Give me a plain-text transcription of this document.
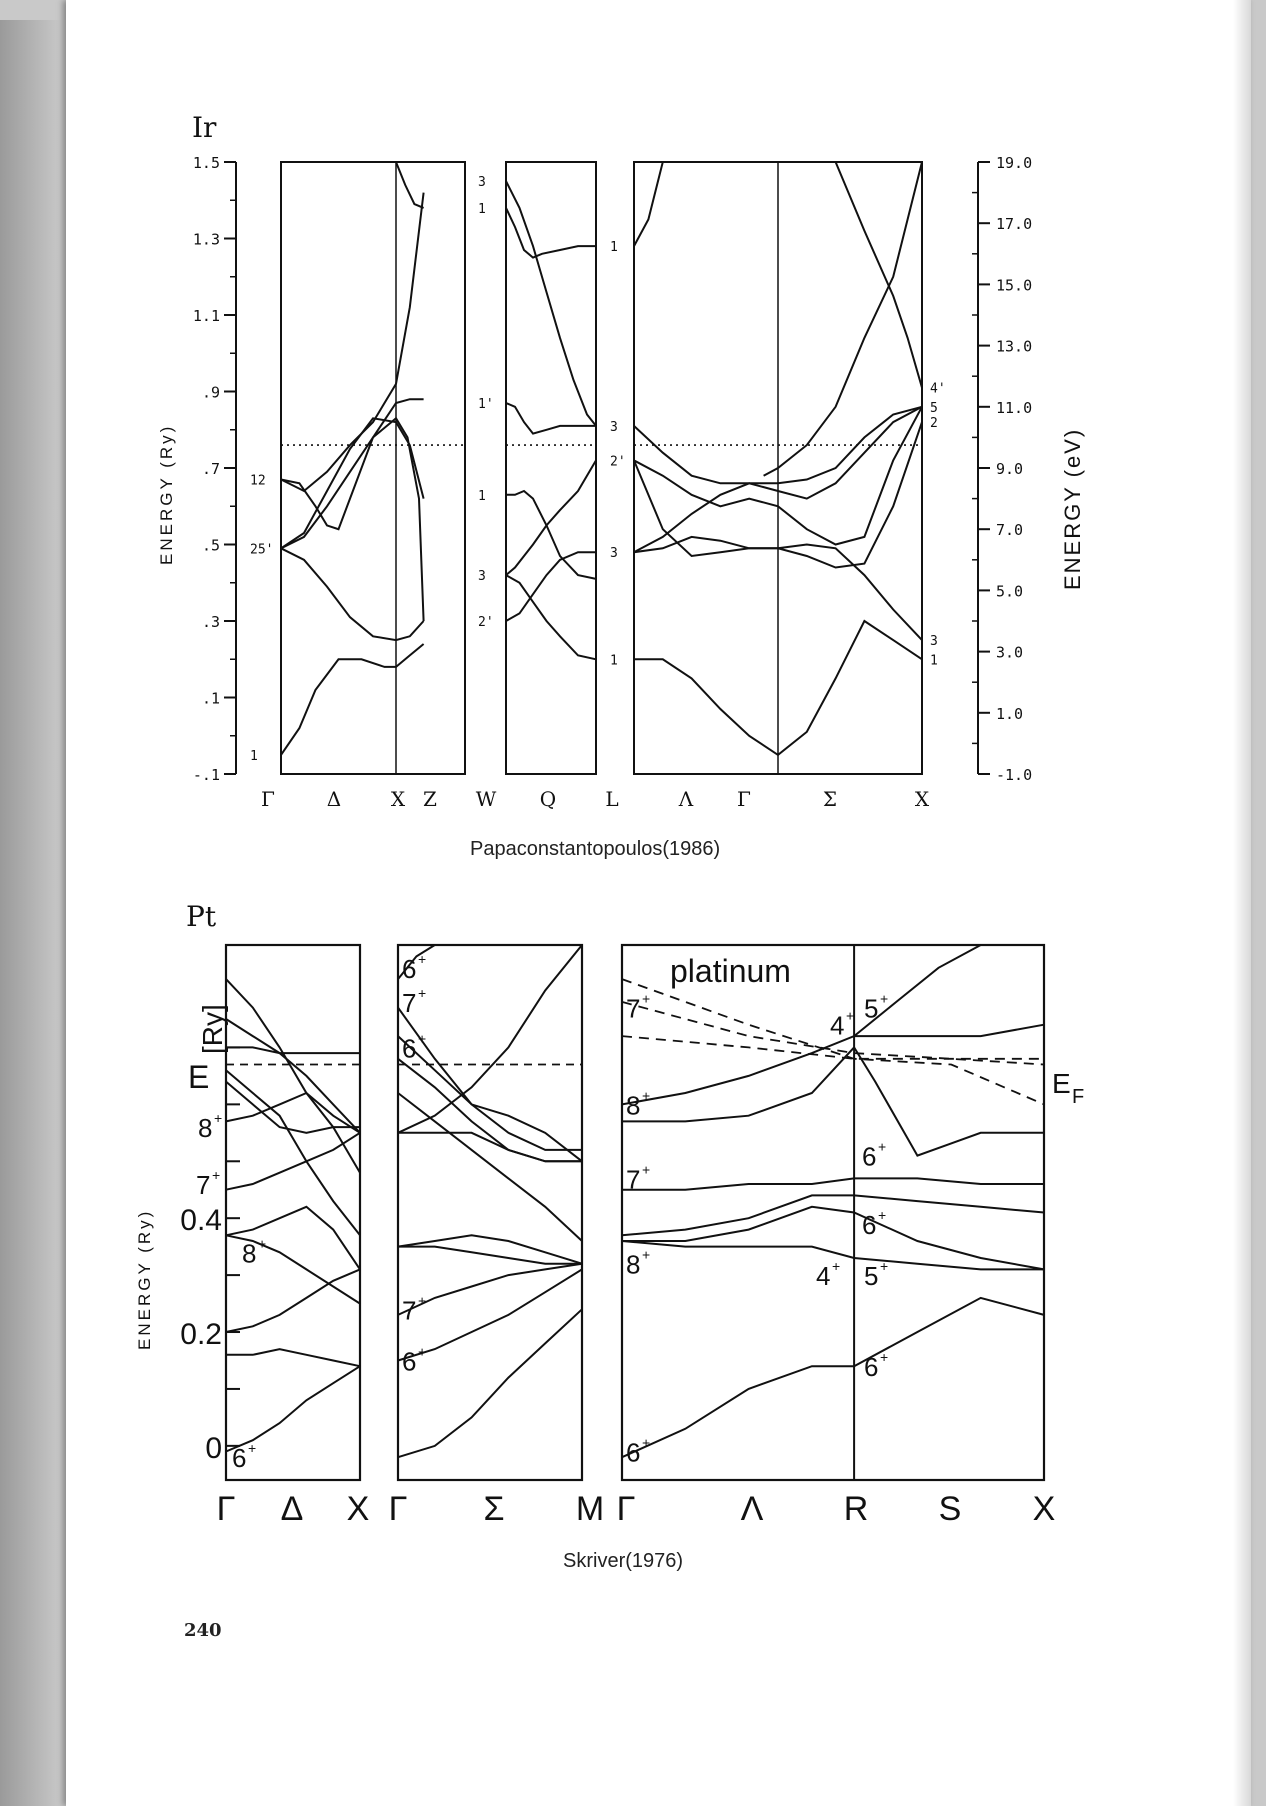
Ir
ENERGY (Ry)	ENERGY (eV)
1.5
1.3
1.1
.9
.7
.5
.3
.1
-.1
19.0
17.0
15.0
13.0
11.0
9.0
7.0
5.0
3.0
1.0
-1.0
1
25'
12
3
1
1'
1
3
2'
1
3
2'
3
1
4'
5
2
3
1
Γ	Δ X Z W Q L	Λ Γ	Σ	X
Papaconstantopoulos(1986)
Pt
ENERGY (Ry)
E
[Ry]
platinum
E F
0.4
0.2
0 6 +
8 +
7 +
8 +
6 +
7 +
6 +
7 +
6 +
7 +
8 +
7 +
8 +
6 +
4 + 5 +
6 +
6 +
4 + 5 +
6 +
Γ Δ X Γ Σ M Γ	Λ R S X
Skriver(1976)
240
